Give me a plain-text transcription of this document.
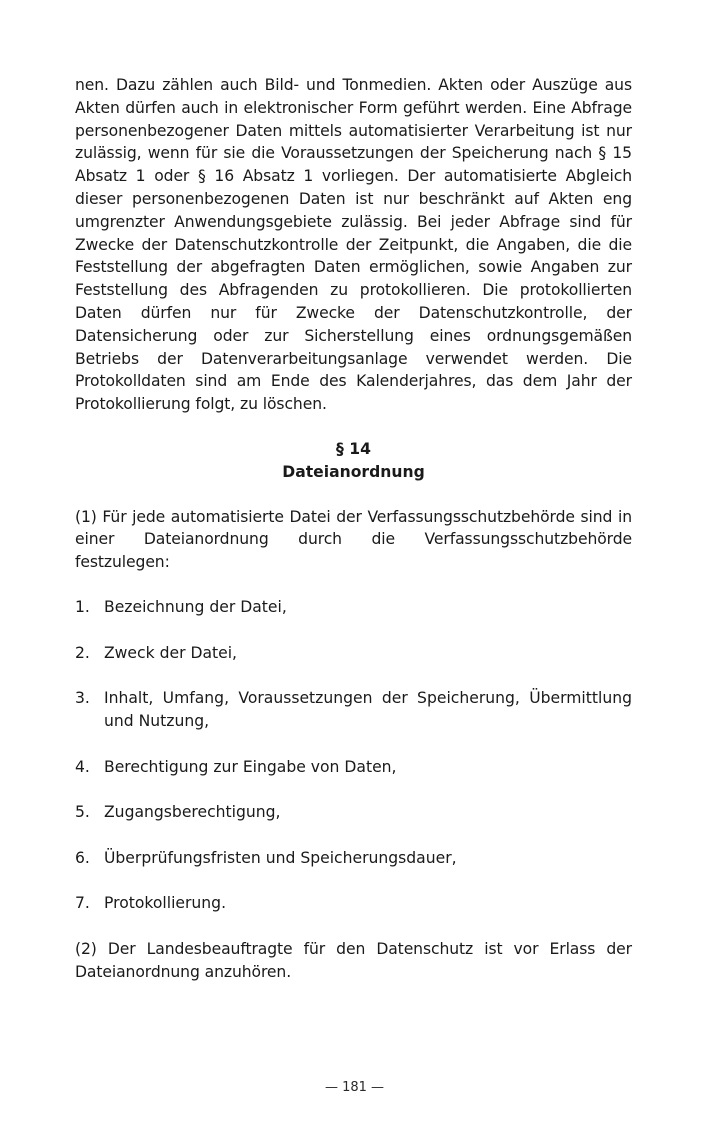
nen. Dazu zählen auch Bild- und Tonmedien. Akten oder Auszüge aus Akten dürfen auch in elektronischer Form geführt werden. Eine Abfrage personenbezogener Daten mittels automatisierter Verarbeitung ist nur zulässig, wenn für sie die Voraussetzungen der Speicherung nach § 15 Absatz 1 oder § 16 Absatz 1 vorliegen. Der automatisierte Abgleich dieser personenbezogenen Daten ist nur beschränkt auf Akten eng umgrenzter Anwendungsgebiete zulässig. Bei jeder Abfrage sind für Zwecke der Datenschutzkontrolle der Zeitpunkt, die Angaben, die die Feststellung der abgefragten Daten ermöglichen, sowie Angaben zur Feststellung des Abfragenden zu protokollieren. Die protokollierten Daten dürfen nur für Zwecke der Datenschutzkontrolle, der Datensicherung oder zur Sicherstellung eines ordnungsgemäßen Betriebs der Datenverarbeitungsanlage verwendet werden. Die Protokolldaten sind am Ende des Kalenderjahres, das dem Jahr der Protokollierung folgt, zu löschen.

§ 14
Dateianordnung

(1) Für jede automatisierte Datei der Verfassungsschutzbehörde sind in einer Dateianordnung durch die Verfassungsschutzbehörde festzulegen:

1. Bezeichnung der Datei,
2. Zweck der Datei,
3. Inhalt, Umfang, Voraussetzungen der Speicherung, Übermittlung und Nutzung,
4. Berechtigung zur Eingabe von Daten,
5. Zugangsberechtigung,
6. Überprüfungsfristen und Speicherungsdauer,
7. Protokollierung.

(2) Der Landesbeauftragte für den Datenschutz ist vor Erlass der Dateianordnung anzuhören.

— 181 —
